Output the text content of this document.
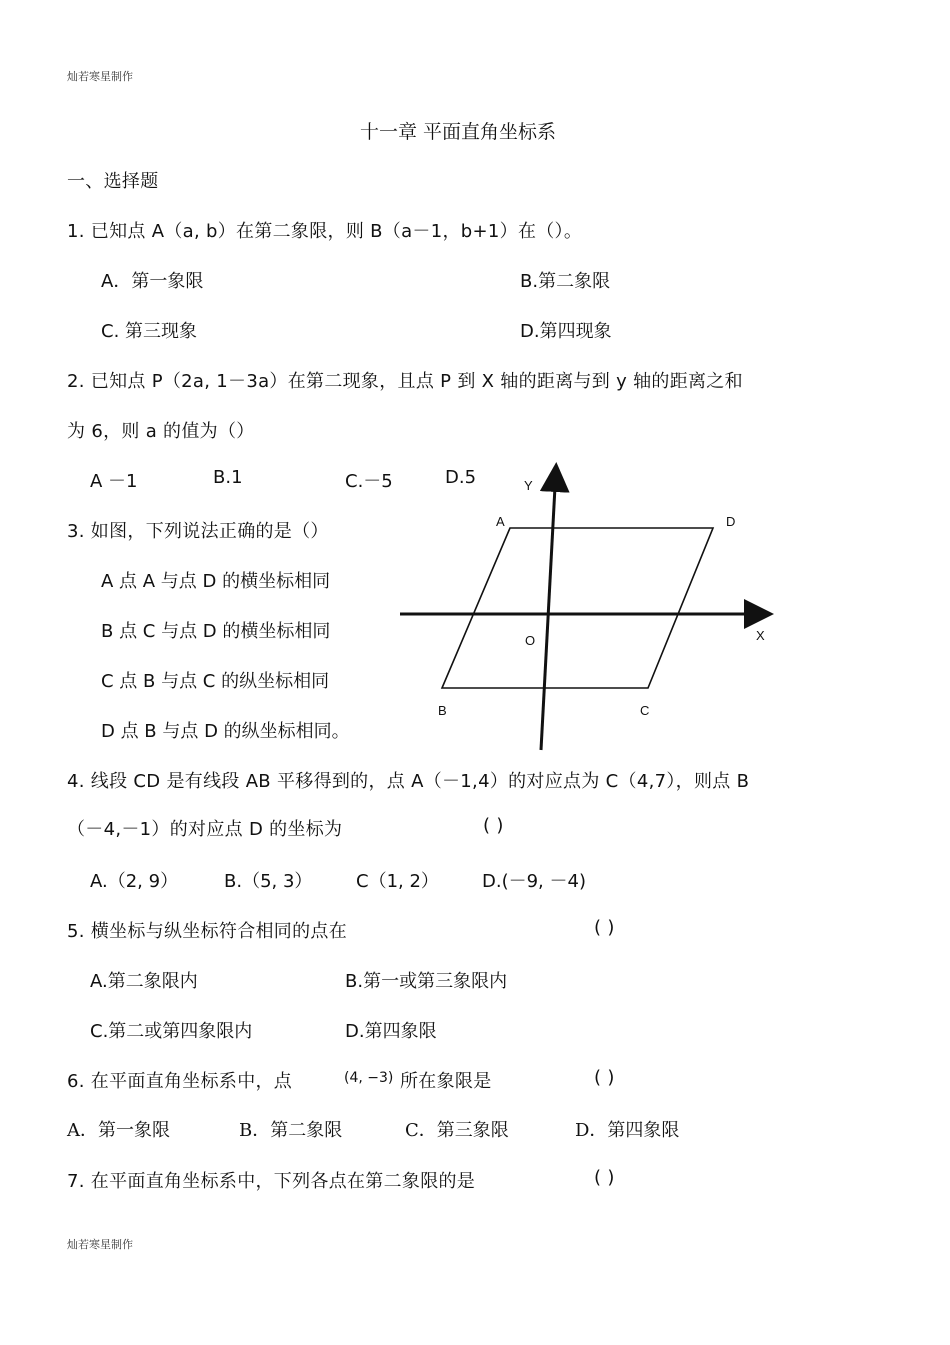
灿若寒星制作
十一章 平面直角坐标系
一、选择题
1. 已知点 A（a, b）在第二象限，则 B（a－1，b+1）在（）。
A．第一象限	B.第二象限
C. 第三现象	D.第四现象
2. 已知点 P（2a, 1－3a）在第二现象，且点 P 到 X 轴的距离与到 y 轴的距离之和
为 6，则 a 的值为（）
A －1	B.1	C.－5	D.5
3. 如图，下列说法正确的是（）
A 点 A 与点 D 的横坐标相同
B 点 C 与点 D 的横坐标相同
C 点 B 与点 C 的纵坐标相同
D 点 B 与点 D 的纵坐标相同。
Y
X
O
A	D
B	C
4. 线段 CD 是有线段 AB 平移得到的，点 A（－1,4）的对应点为 C（4,7），则点 B
（－4,－1）的对应点 D 的坐标为	( )
A.（2, 9）	B.（5, 3） C（1, 2） D.(－9, －4)
5. 横坐标与纵坐标符合相同的点在	( )
A.第二象限内	B.第一或第三象限内
C.第二或第四象限内	D.第四象限
6. 在平面直角坐标系中，点	(4, −3) 所在象限是	( )
A．第一象限	B．第二象限	C．第三象限	D．第四象限
7. 在平面直角坐标系中，下列各点在第二象限的是	( )
灿若寒星制作
